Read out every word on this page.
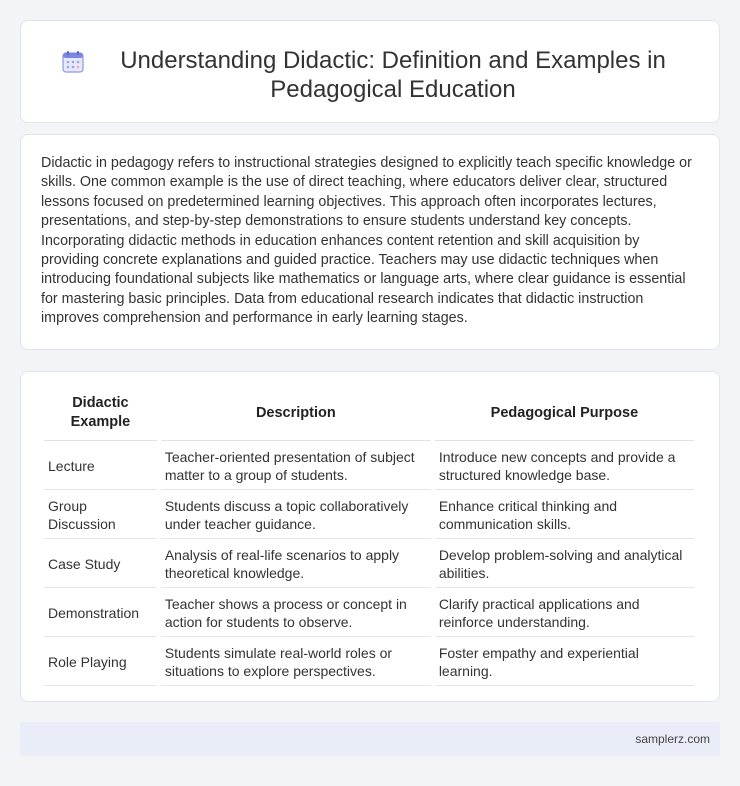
Understanding Didactic: Definition and Examples in Pedagogical Education

Didactic in pedagogy refers to instructional strategies designed to explicitly teach specific knowledge or skills. One common example is the use of direct teaching, where educators deliver clear, structured lessons focused on predetermined learning objectives. This approach often incorporates lectures, presentations, and step-by-step demonstrations to ensure students understand key concepts. Incorporating didactic methods in education enhances content retention and skill acquisition by providing concrete explanations and guided practice. Teachers may use didactic techniques when introducing foundational subjects like mathematics or language arts, where clear guidance is essential for mastering basic principles. Data from educational research indicates that didactic instruction improves comprehension and performance in early learning stages.

Didactic Example	Description	Pedagogical Purpose
Lecture	Teacher-oriented presentation of subject matter to a group of students.	Introduce new concepts and provide a structured knowledge base.
Group Discussion	Students discuss a topic collaboratively under teacher guidance.	Enhance critical thinking and communication skills.
Case Study	Analysis of real-life scenarios to apply theoretical knowledge.	Develop problem-solving and analytical abilities.
Demonstration	Teacher shows a process or concept in action for students to observe.	Clarify practical applications and reinforce understanding.
Role Playing	Students simulate real-world roles or situations to explore perspectives.	Foster empathy and experiential learning.
samplerz.com
